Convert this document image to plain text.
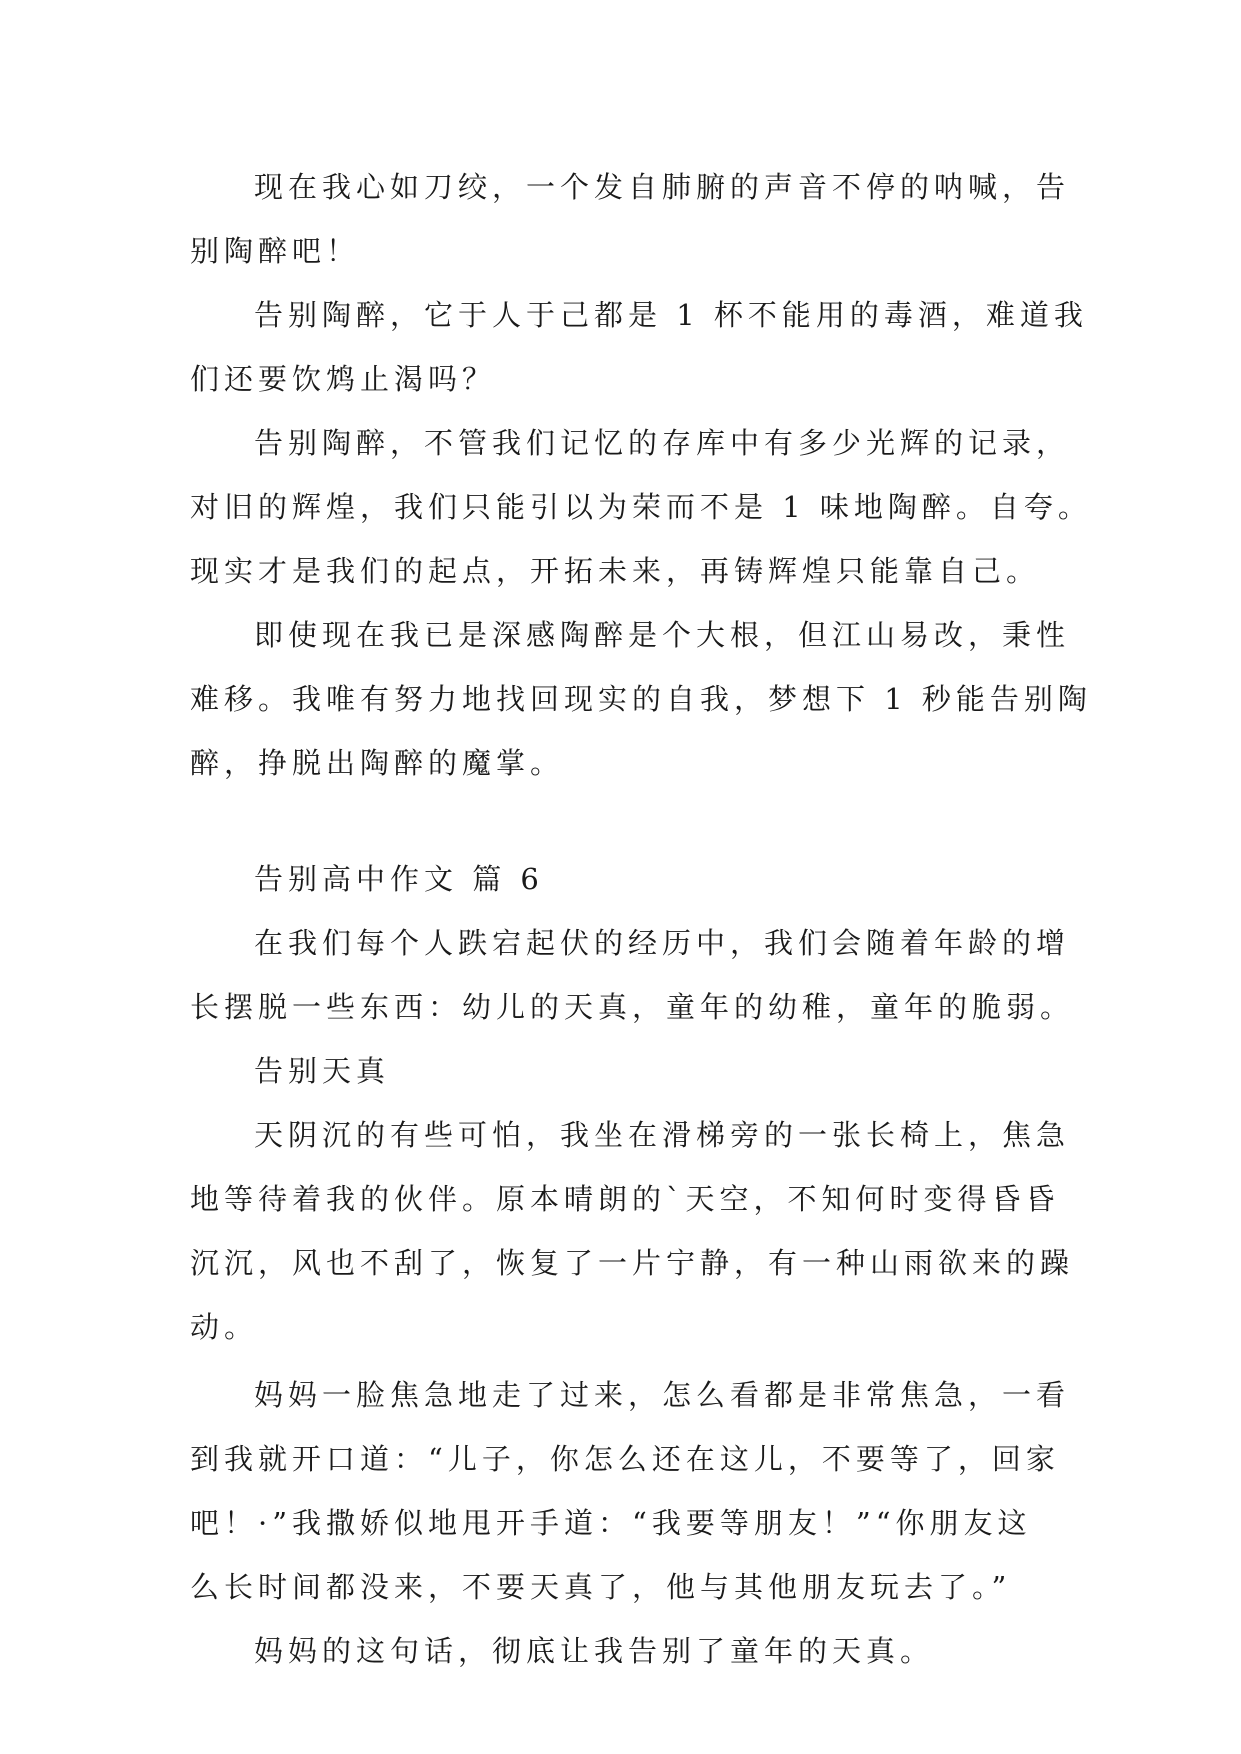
现在我心如刀绞，一个发自肺腑的声音不停的呐喊，告
别陶醉吧！
告别陶醉，它于人于己都是 1 杯不能用的毒酒，难道我
们还要饮鸩止渴吗？
告别陶醉，不管我们记忆的存库中有多少光辉的记录，
对旧的辉煌，我们只能引以为荣而不是 1 味地陶醉。自夸。
现实才是我们的起点，开拓未来，再铸辉煌只能靠自己。
即使现在我已是深感陶醉是个大根，但江山易改，秉性
难移。我唯有努力地找回现实的自我，梦想下 1 秒能告别陶
醉，挣脱出陶醉的魔掌。
告别高中作文 篇 6
在我们每个人跌宕起伏的经历中，我们会随着年龄的增
长摆脱一些东西：幼儿的天真，童年的幼稚，童年的脆弱。
告别天真
天阴沉的有些可怕，我坐在滑梯旁的一张长椅上，焦急
地等待着我的伙伴。原本晴朗的`天空，不知何时变得昏昏
沉沉，风也不刮了，恢复了一片宁静，有一种山雨欲来的躁
动。
妈妈一脸焦急地走了过来，怎么看都是非常焦急，一看
到我就开口道：“儿子，你怎么还在这儿，不要等了，回家
吧！·”我撒娇似地甩开手道：“我要等朋友！”“你朋友这
么长时间都没来，不要天真了，他与其他朋友玩去了。”
妈妈的这句话，彻底让我告别了童年的天真。
